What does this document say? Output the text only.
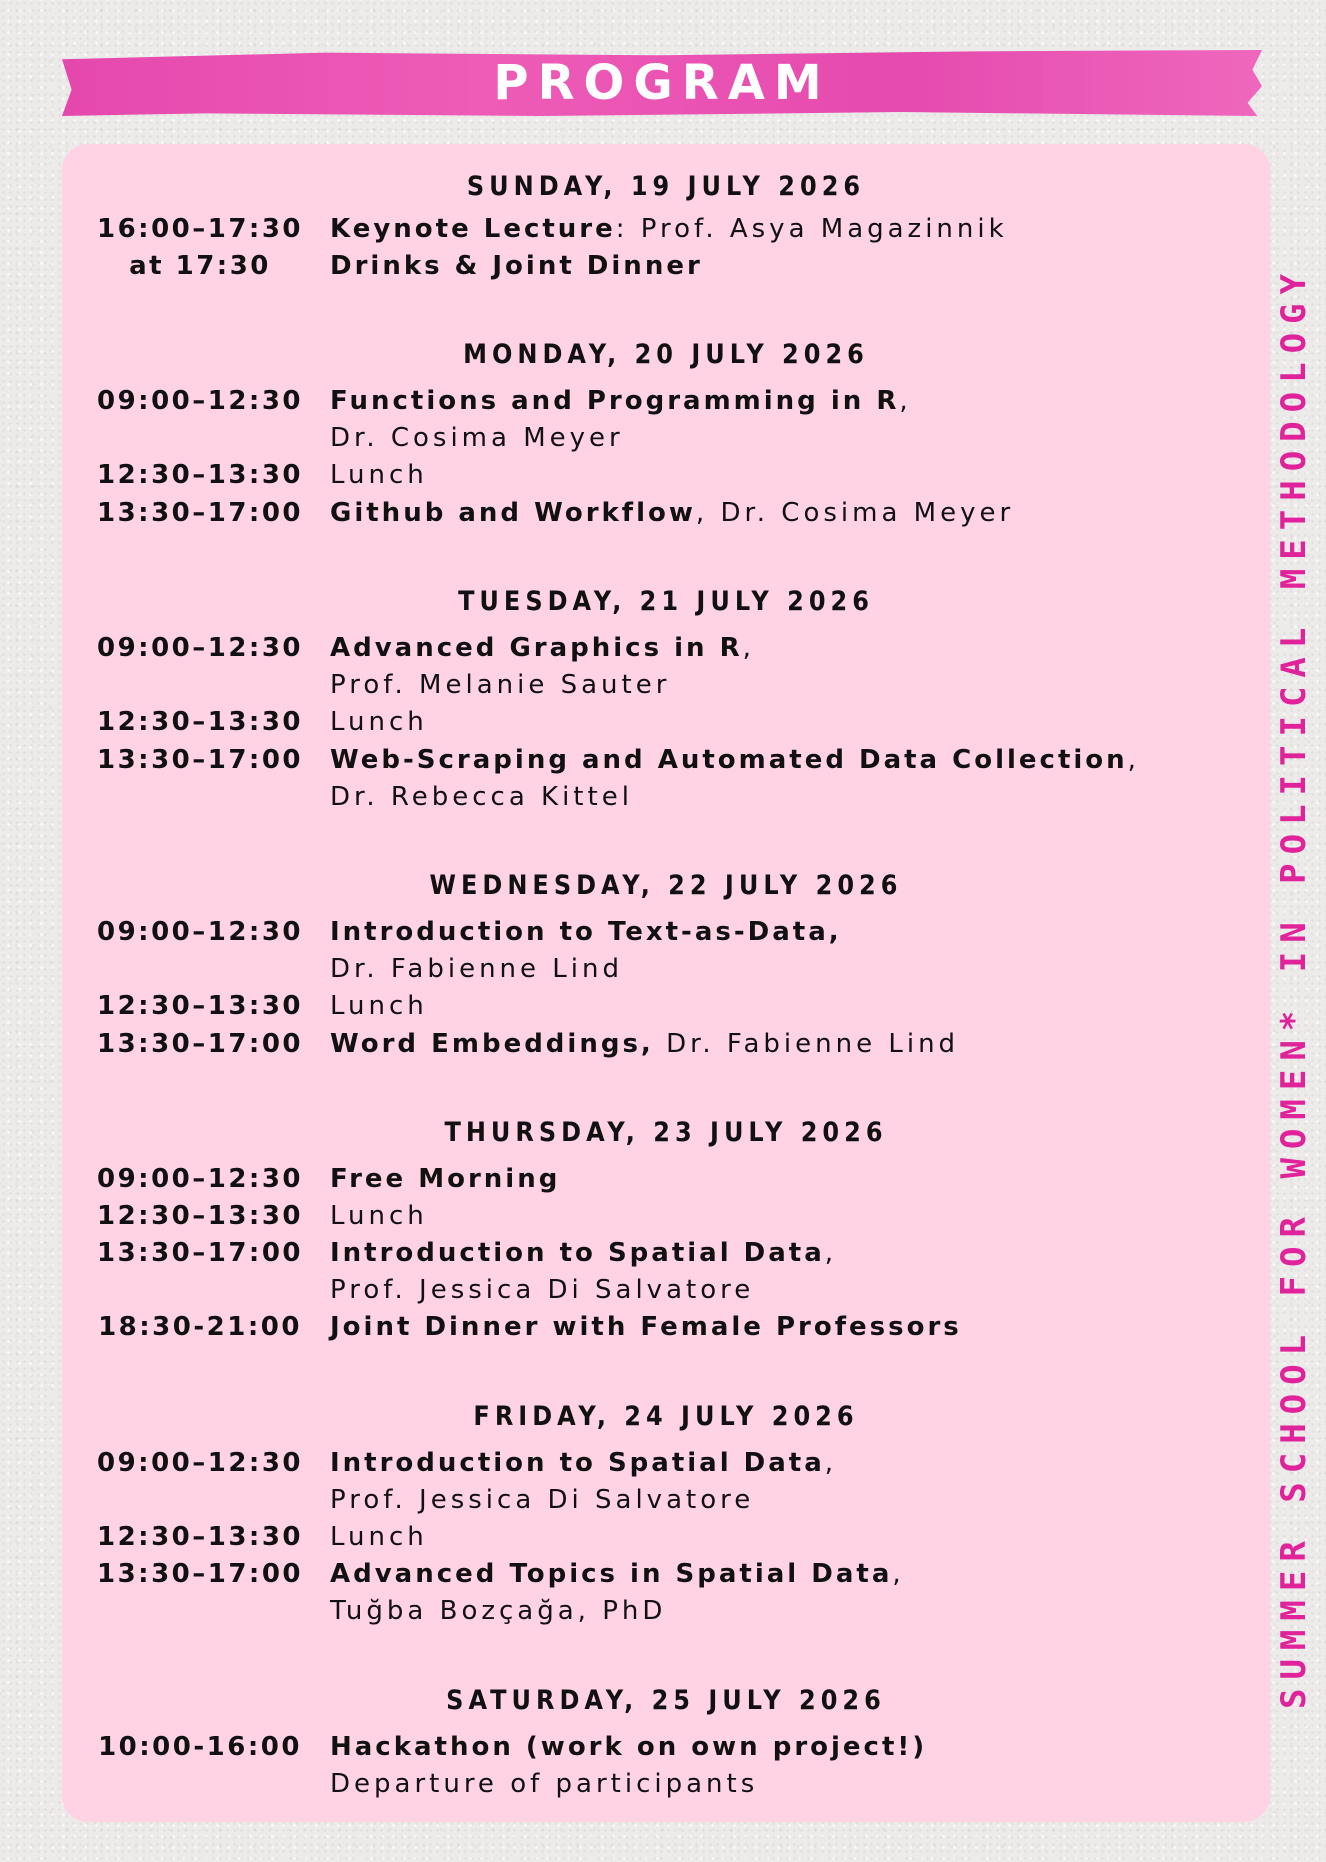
PROGRAM
SUMMER SCHOOL FOR WOMEN* IN POLITICAL METHODOLOGY
SUNDAY, 19 JULY 2026
16:00–17:30 Keynote Lecture: Prof. Asya Magazinnik
at 17:30	Drinks & Joint Dinner
MONDAY, 20 JULY 2026
09:00–12:30 Functions and Programming in R,
Dr. Cosima Meyer
12:30–13:30 Lunch
13:30–17:00 Github and Workflow, Dr. Cosima Meyer
TUESDAY, 21 JULY 2026
09:00–12:30 Advanced Graphics in R,
Prof. Melanie Sauter
12:30–13:30 Lunch
13:30–17:00 Web-Scraping and Automated Data Collection,
Dr. Rebecca Kittel
WEDNESDAY, 22 JULY 2026
09:00–12:30 Introduction to Text-as-Data,
Dr. Fabienne Lind
12:30–13:30 Lunch
13:30–17:00 Word Embeddings, Dr. Fabienne Lind
THURSDAY, 23 JULY 2026
09:00–12:30 Free Morning
12:30–13:30 Lunch
13:30–17:00 Introduction to Spatial Data,
Prof. Jessica Di Salvatore
18:30-21:00	Joint Dinner with Female Professors
FRIDAY, 24 JULY 2026
09:00–12:30 Introduction to Spatial Data,
Prof. Jessica Di Salvatore
12:30–13:30 Lunch
13:30–17:00 Advanced Topics in Spatial Data,
Tuğba Bozçağa, PhD
SATURDAY, 25 JULY 2026
10:00-16:00	Hackathon (work on own project!)
Departure of participants
